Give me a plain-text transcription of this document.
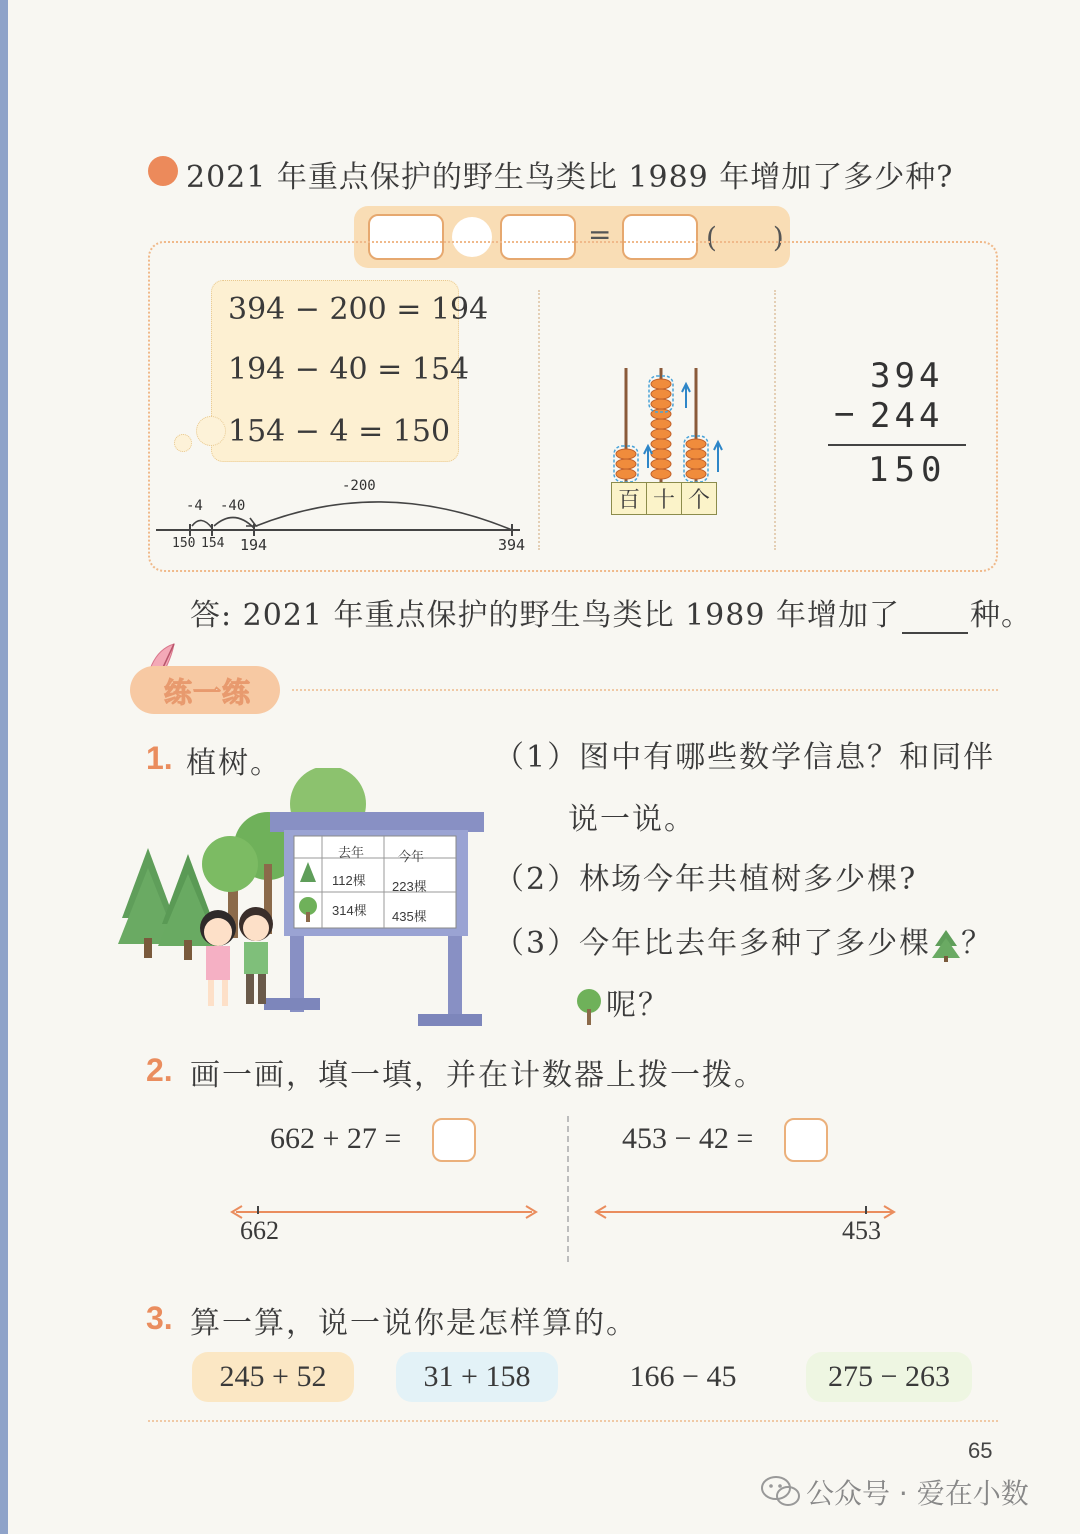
2021 年重点保护的野生鸟类比 1989 年增加了多少种?
=	(　　)
394 − 200 = 194
194 − 40 = 154
154 − 4 = 150
-4 -40
-200
150 154 194	394
百 十 个
394
− 244
150
答: 2021 年重点保护的野生鸟类比 1989 年增加了 种。
练一练
1. 植树。
去年	今年
112棵 223棵
314棵 435棵
（1）图中有哪些数学信息？和同伴
说一说。
（2）林场今年共植树多少棵?
（3）今年比去年多种了多少棵 ？
呢？
2. 画一画，填一填，并在计数器上拨一拨。
662 + 27 =	453 − 42 =
662	453
3. 算一算，说一说你是怎样算的。
245 + 52	31 + 158	166 − 45	275 − 263
65
公众号 · 爱在小数
